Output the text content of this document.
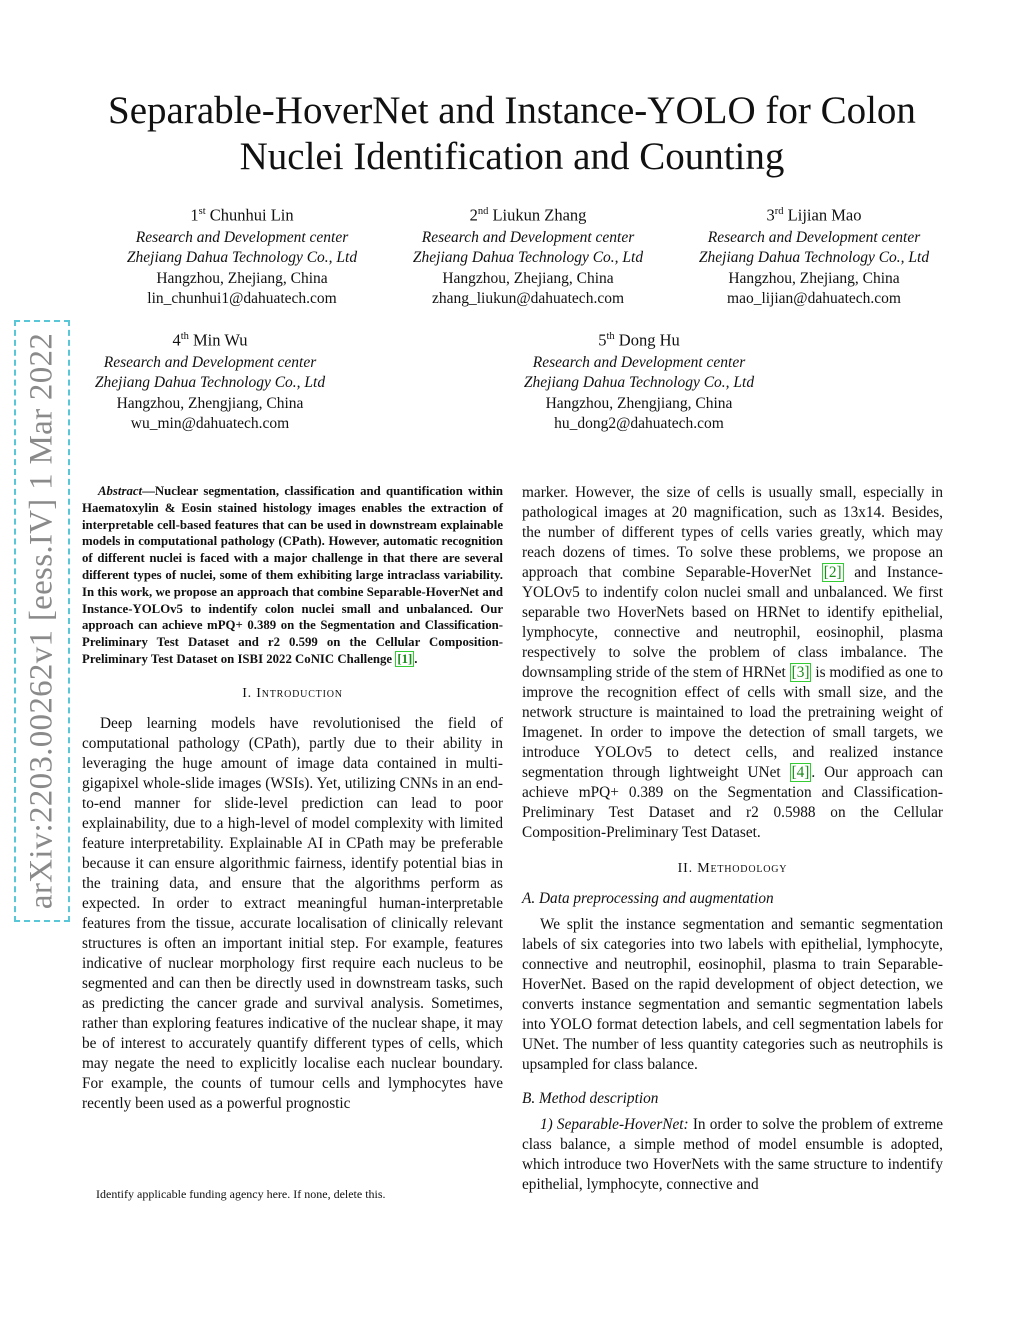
Separable-HoverNet and Instance-YOLO for Colon Nuclei Identification and Counting
arXiv:2203.00262v1 [eess.IV] 1 Mar 2022
1st Chunhui Lin
Research and Development center
Zhejiang Dahua Technology Co., Ltd
Hangzhou, Zhejiang, China
lin_chunhui1@dahuatech.com
2nd Liukun Zhang
Research and Development center
Zhejiang Dahua Technology Co., Ltd
Hangzhou, Zhejiang, China
zhang_liukun@dahuatech.com
3rd Lijian Mao
Research and Development center
Zhejiang Dahua Technology Co., Ltd
Hangzhou, Zhejiang, China
mao_lijian@dahuatech.com
4th Min Wu
Research and Development center
Zhejiang Dahua Technology Co., Ltd
Hangzhou, Zhengjiang, China
wu_min@dahuatech.com
5th Dong Hu
Research and Development center
Zhejiang Dahua Technology Co., Ltd
Hangzhou, Zhengjiang, China
hu_dong2@dahuatech.com
Abstract—Nuclear segmentation, classification and quantification within Haematoxylin & Eosin stained histology images enables the extraction of interpretable cell-based features that can be used in downstream explainable models in computational pathology (CPath). However, automatic recognition of different nuclei is faced with a major challenge in that there are several different types of nuclei, some of them exhibiting large intraclass variability. In this work, we propose an approach that combine Separable-HoverNet and Instance-YOLOv5 to indentify colon nuclei small and unbalanced. Our approach can achieve mPQ+ 0.389 on the Segmentation and Classification-Preliminary Test Dataset and r2 0.599 on the Cellular Composition-Preliminary Test Dataset on ISBI 2022 CoNIC Challenge [1] .
I. Introduction

Deep learning models have revolutionised the field of computational pathology (CPath), partly due to their ability in leveraging the huge amount of image data contained in multi-gigapixel whole-slide images (WSIs). Yet, utilizing CNNs in an end-to-end manner for slide-level prediction can lead to poor explainability, due to a high-level of model complexity with limited feature interpretability. Explainable AI in CPath may be preferable because it can ensure algorithmic fairness, identify potential bias in the training data, and ensure that the algorithms perform as expected. In order to extract meaningful human-interpretable features from the tissue, accurate localisation of clinically relevant structures is often an important initial step. For example, features indicative of nuclear morphology first require each nucleus to be segmented and can then be directly used in downstream tasks, such as predicting the cancer grade and survival analysis. Sometimes, rather than exploring features indicative of the nuclear shape, it may be of interest to accurately quantify different types of cells, which may negate the need to explicitly localise each nuclear boundary. For example, the counts of tumour cells and lymphocytes have recently been used as a powerful prognostic

marker. However, the size of cells is usually small, especially in pathological images at 20 magnification, such as 13x14. Besides, the number of different types of cells varies greatly, which may reach dozens of times. To solve these problems, we propose an approach that combine Separable-HoverNet [2] and Instance-YOLOv5 to indentify colon nuclei small and unbalanced. We first separable two HoverNets based on HRNet to identify epithelial, lymphocyte, connective and neutrophil, eosinophil, plasma respectively to solve the problem of class imbalance. The downsampling stride of the stem of HRNet [3] is modified as one to improve the recognition effect of cells with small size, and the network structure is maintained to load the pretraining weight of Imagenet. In order to impove the detection of small targets, we introduce YOLOv5 to detect cells, and realized instance segmentation through lightweight UNet [4] . Our approach can achieve mPQ+ 0.389 on the Segmentation and Classification-Preliminary Test Dataset and r2 0.5988 on the Cellular Composition-Preliminary Test Dataset.

II. Methodology
A. Data preprocessing and augmentation

We split the instance segmentation and semantic segmentation labels of six categories into two labels with epithelial, lymphocyte, connective and neutrophil, eosinophil, plasma to train Separable- HoverNet. Based on the rapid development of object detection, we converts instance segmentation and semantic segmentation labels into YOLO format detection labels, and cell segmentation labels for UNet. The number of less quantity categories such as neutrophils is upsampled for class balance.

B. Method description

1) Separable-HoverNet: In order to solve the problem of extreme class balance, a simple method of model ensumble is adopted, which introduce two HoverNets with the same structure to indentify epithelial, lymphocyte, connective and

Identify applicable funding agency here. If none, delete this.
